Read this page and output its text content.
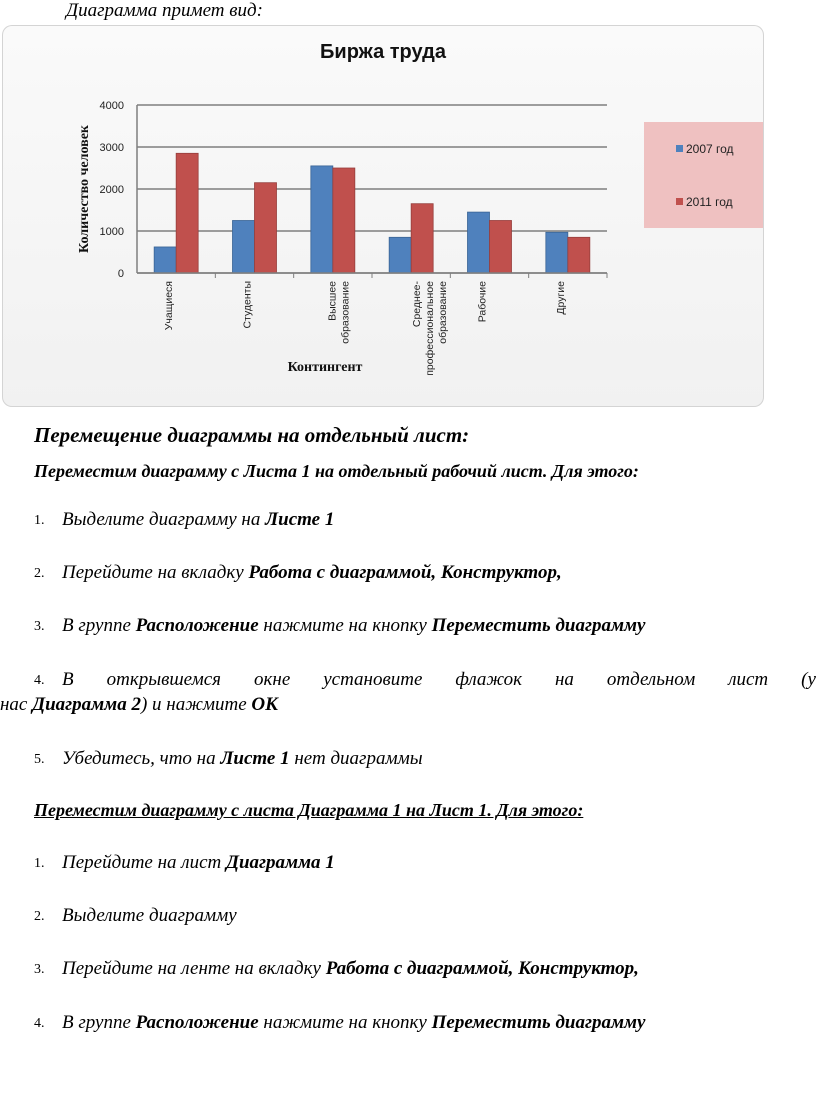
Диаграмма примет вид:
Биржа труда
0
1000
2000
3000
4000
Учащиеся	Студенты	Высшееобразование	Среднее-профессиональноеобразование	Рабочие	Другие
Контингент
Количество человек	2007 год
2011 год
Перемещение диаграммы на отдельный лист:
Переместим диаграмму с Листа 1 на отдельный рабочий лист. Для этого:
1. Выделите диаграмму на Листе 1
2. Перейдите на вкладку Работа с диаграммой, Конструктор,
3. В группе Расположение нажмите на кнопку Переместить диаграмму
4. В открывшемся окне установите флажок на отдельном лист (у
нас Диаграмма 2) и нажмите ОК
5. Убедитесь, что на Листе 1 нет диаграммы
Переместим диаграмму с листа Диаграмма 1 на Лист 1. Для этого:
1. Перейдите на лист Диаграмма 1
2. Выделите диаграмму
3. Перейдите на ленте на вкладку Работа с диаграммой, Конструктор,
4. В группе Расположение нажмите на кнопку Переместить диаграмму
